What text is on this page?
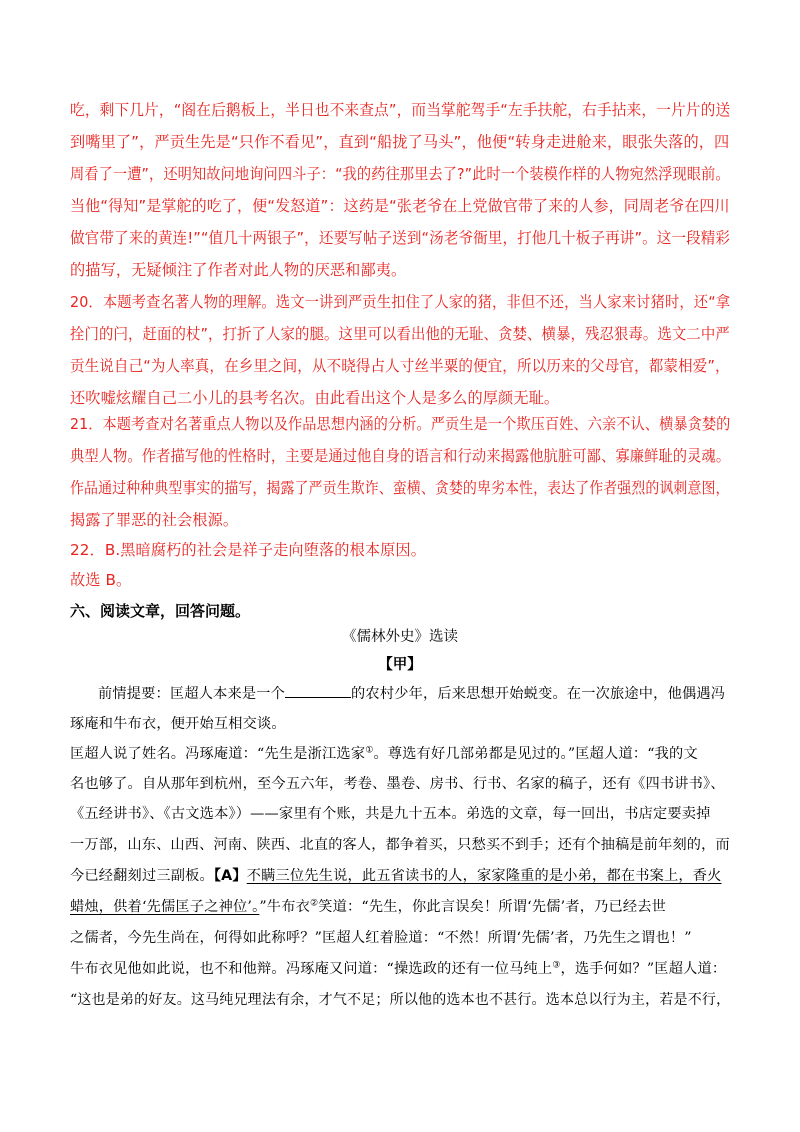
吃，剩下几片，“阁在后鹅板上，半日也不来查点”，而当掌舵驾手“左手扶舵，右手拈来，一片片的送
到嘴里了”，严贡生先是“只作不看见”，直到“船拢了马头”，他便“转身走进舱来，眼张失落的，四
周看了一遭”，还明知故问地询问四斗子：“我的药往那里去了?”此时一个装模作样的人物宛然浮现眼前。
当他“得知”是掌舵的吃了，便“发怒道”：这药是“张老爷在上党做官带了来的人参，同周老爷在四川
做官带了来的黄连!”“值几十两银子”，还要写帖子送到“汤老爷衙里，打他几十板子再讲”。这一段精彩
的描写，无疑倾注了作者对此人物的厌恶和鄙夷。
20．本题考查名著人物的理解。选文一讲到严贡生扣住了人家的猪，非但不还，当人家来讨猪时，还“拿
拴门的闩，赶面的杖”，打折了人家的腿。这里可以看出他的无耻、贪婪、横暴，残忍狠毒。选文二中严
贡生说自己“为人率真，在乡里之间，从不晓得占人寸丝半粟的便宜，所以历来的父母官，都蒙相爱”，
还吹嘘炫耀自己二小儿的县考名次。由此看出这个人是多么的厚颜无耻。
21．本题考查对名著重点人物以及作品思想内涵的分析。严贡生是一个欺压百姓、六亲不认、横暴贪婪的
典型人物。作者描写他的性格时，主要是通过他自身的语言和行动来揭露他肮脏可鄙、寡廉鲜耻的灵魂。
作品通过种种典型事实的描写，揭露了严贡生欺诈、蛮横、贪婪的卑劣本性，表达了作者强烈的讽刺意图，
揭露了罪恶的社会根源。
22．B.黑暗腐朽的社会是祥子走向堕落的根本原因。
故选 B。
六、阅读文章，回答问题。
《儒林外史》选读
【甲】
前情提要：匡超人本来是一个	的农村少年，后来思想开始蜕变。在一次旅途中，他偶遇冯
琢庵和牛布衣，便开始互相交谈。
匡超人说了姓名。冯琢庵道：“先生是浙江选家①。尊选有好几部弟都是见过的。”匡超人道：“我的文
名也够了。自从那年到杭州，至今五六年，考卷、墨卷、房书、行书、名家的稿子，还有《四书讲书》、
《五经讲书》、《古文选本》）——家里有个账，共是九十五本。弟选的文章，每一回出，书店定要卖掉
一万部，山东、山西、河南、陕西、北直的客人，都争着买，只愁买不到手；还有个抽稿是前年刻的，而
今已经翻刻过三副板。【A】不瞒三位先生说，此五省读书的人，家家隆重的是小弟，都在书案上，香火
蜡烛，供着‘先儒匡子之神位’。”牛布衣②笑道：“先生，你此言误矣！所谓‘先儒’者，乃已经去世
之儒者，今先生尚在，何得如此称呼？”匡超人红着脸道：“不然！所谓‘先儒’者，乃先生之谓也！”
牛布衣见他如此说，也不和他辩。冯琢庵又问道：“操选政的还有一位马纯上③，选手何如？”匡超人道：
“这也是弟的好友。这马纯兄理法有余，才气不足；所以他的选本也不甚行。选本总以行为主，若是不行，
